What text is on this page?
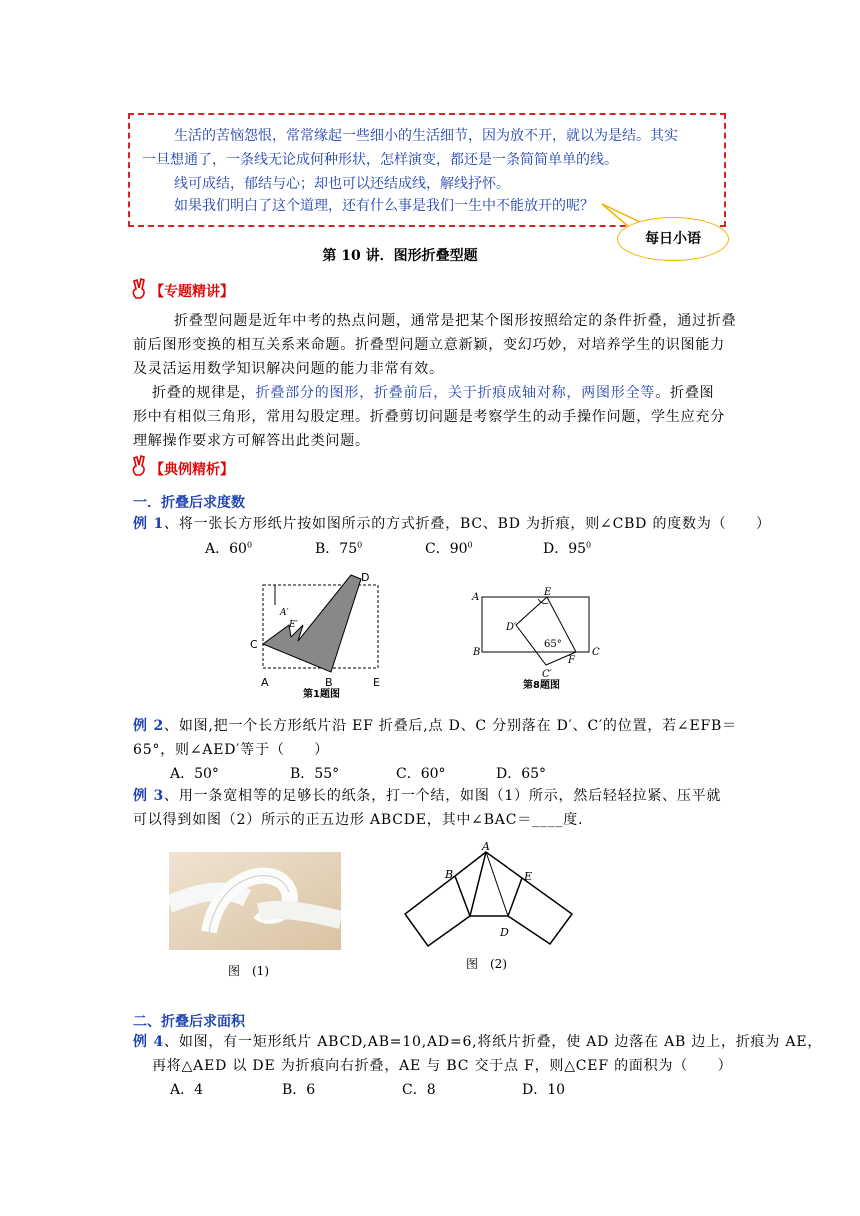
生活的苦恼怨恨，常常缘起一些细小的生活细节，因为放不开，就以为是结。其实
一旦想通了，一条线无论成何种形状，怎样演变，都还是一条简简单单的线。
线可成结，郁结与心；却也可以还结成线，解线抒怀。
如果我们明白了这个道理，还有什么事是我们一生中不能放开的呢？
每日小语
第 10 讲．图形折叠型题
【专题精讲】
折叠型问题是近年中考的热点问题，通常是把某个图形按照给定的条件折叠，通过折叠
前后图形变换的相互关系来命题。折叠型问题立意新颖，变幻巧妙，对培养学生的识图能力
及灵活运用数学知识解决问题的能力非常有效。
折叠的规律是，折叠部分的图形，折叠前后，关于折痕成轴对称，两图形全等。折叠图
形中有相似三角形，常用勾股定理。折叠剪切问题是考察学生的动手操作问题，学生应充分
理解操作要求方可解答出此类问题。
【典例精析】
一．折叠后求度数
例 1、将一张长方形纸片按如图所示的方式折叠，BC、BD 为折痕，则∠CBD 的度数为（　　）
A．$60^0$	B．$75^0$	C．$90^0$	D．$95^0$
D
A′
E′
C
A	B	E
第1题图
A	E
D′
65°
B
F
C
C′
第8题图
例 2、如图,把一个长方形纸片沿 EF 折叠后,点 D、C 分别落在 D′、C′的位置，若∠EFB＝
65°，则∠AED′等于（　　）
A．50°	B．55°	C．60°	D．65°
例 3、用一条宽相等的足够长的纸条，打一个结，如图（1）所示，然后轻轻拉紧、压平就
可以得到如图（2）所示的正五边形 ABCDE，其中∠BAC＝____度.
图　(1)
A
B	E
D
图　(2)
二、折叠后求面积
例 4、如图，有一矩形纸片 ABCD,AB=10,AD=6,将纸片折叠，使 AD 边落在 AB 边上，折痕为 AE，
再将△AED 以 DE 为折痕向右折叠，AE 与 BC 交于点 F，则△CEF 的面积为（　　）
A．4	B．6	C．8	D．10
